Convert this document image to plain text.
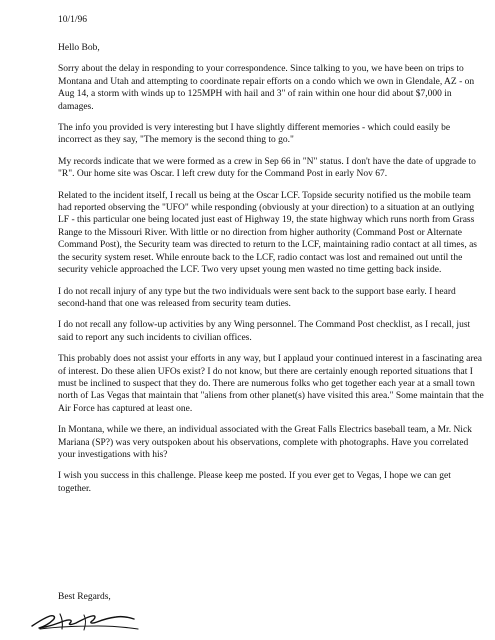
10/1/96

Hello Bob,

Sorry about the delay in responding to your correspondence. Since talking to you, we have been on trips to Montana and Utah and attempting to coordinate repair efforts on a condo which we own in Glendale, AZ - on Aug 14, a storm with winds up to 125MPH with hail and 3" of rain within one hour did about $7,000 in damages.

The info you provided is very interesting but I have slightly different memories - which could easily be incorrect as they say, "The memory is the second thing to go."

My records indicate that we were formed as a crew in Sep 66 in "N" status. I don't have the date of upgrade to "R". Our home site was Oscar. I left crew duty for the Command Post in early Nov 67.

Related to the incident itself, I recall us being at the Oscar LCF. Topside security notified us the mobile team had reported observing the "UFO" while responding (obviously at your direction) to a situation at an outlying LF - this particular one being located just east of Highway 19, the state highway which runs north from Grass Range to the Missouri River. With little or no direction from higher authority (Command Post or Alternate Command Post), the Security team was directed to return to the LCF, maintaining radio contact at all times, as the security system reset. While enroute back to the LCF, radio contact was lost and remained out until the security vehicle approached the LCF. Two very upset young men wasted no time getting back inside.

I do not recall injury of any type but the two individuals were sent back to the support base early. I heard second-hand that one was released from security team duties.

I do not recall any follow-up activities by any Wing personnel. The Command Post checklist, as I recall, just said to report any such incidents to civilian offices.

This probably does not assist your efforts in any way, but I applaud your continued interest in a fascinating area of interest. Do these alien UFOs exist? I do not know, but there are certainly enough reported situations that I must be inclined to suspect that they do. There are numerous folks who get together each year at a small town north of Las Vegas that maintain that "aliens from other planet(s) have visited this area." Some maintain that the Air Force has captured at least one.

In Montana, while we there, an individual associated with the Great Falls Electrics baseball team, a Mr. Nick Mariana (SP?) was very outspoken about his observations, complete with photographs. Have you correlated your investigations with his?

I wish you success in this challenge. Please keep me posted. If you ever get to Vegas, I hope we can get together.

Best Regards,
